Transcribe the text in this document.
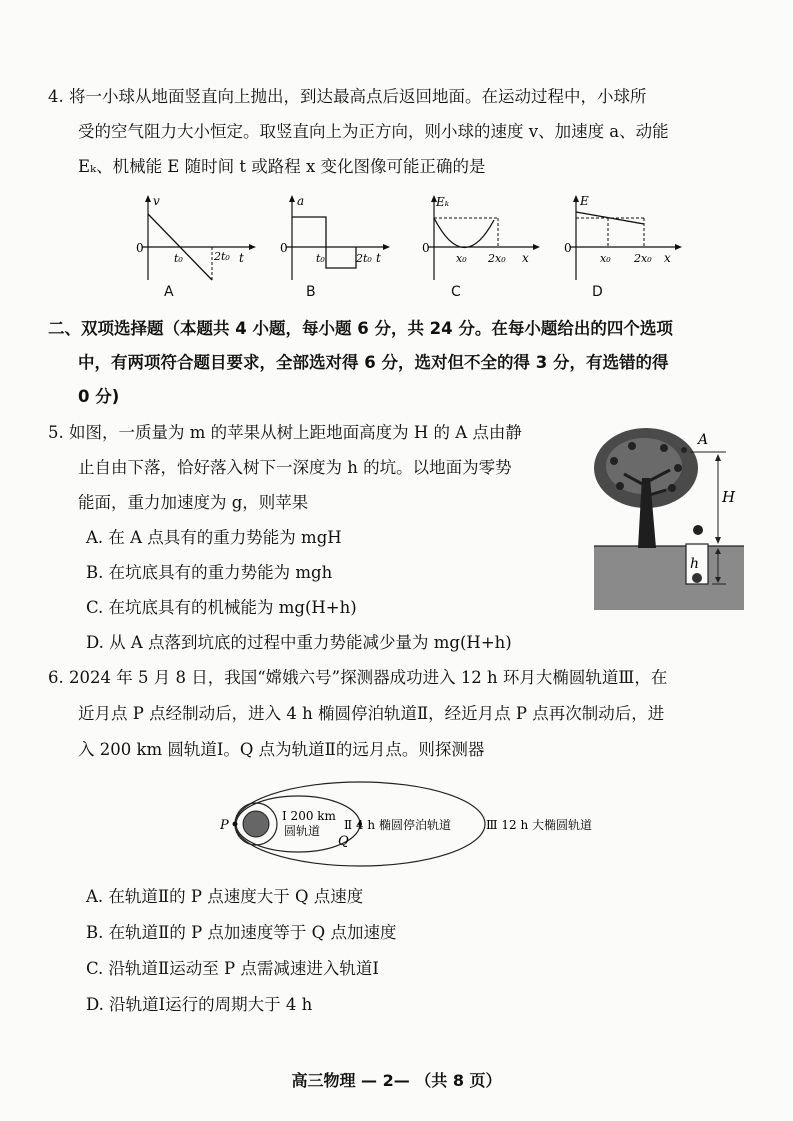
4. 将一小球从地面竖直向上抛出，到达最高点后返回地面。在运动过程中，小球所
受的空气阻力大小恒定。取竖直向上为正方向，则小球的速度 v、加速度 a、动能
Eₖ、机械能 E 随时间 t 或路程 x 变化图像可能正确的是
v
0
t₀	2t₀ t
A
a
0
t₀	2t₀ t
B
Eₖ
0
x₀ 2x₀ x
C
E
0
x₀ 2x₀ x
D
二、双项选择题（本题共 4 小题，每小题 6 分，共 24 分。在每小题给出的四个选项
中，有两项符合题目要求，全部选对得 6 分，选对但不全的得 3 分，有选错的得
0 分)
5. 如图，一质量为 m 的苹果从树上距地面高度为 H 的 A 点由静
止自由下落，恰好落入树下一深度为 h 的坑。以地面为零势
能面，重力加速度为 g，则苹果
A. 在 A 点具有的重力势能为 mgH
B. 在坑底具有的重力势能为 mgh
C. 在坑底具有的机械能为 mg(H+h)
D. 从 A 点落到坑底的过程中重力势能减少量为 mg(H+h)
A
H
h
6. 2024 年 5 月 8 日，我国“嫦娥六号”探测器成功进入 12 h 环月大椭圆轨道Ⅲ，在
近月点 P 点经制动后，进入 4 h 椭圆停泊轨道Ⅱ，经近月点 P 点再次制动后，进
入 200 km 圆轨道Ⅰ。Q 点为轨道Ⅱ的远月点。则探测器
P
Q
Ⅰ 200 km
圆轨道 Ⅱ 4 h 椭圆停泊轨道	Ⅲ 12 h 大椭圆轨道
A. 在轨道Ⅱ的 P 点速度大于 Q 点速度
B. 在轨道Ⅱ的 P 点加速度等于 Q 点加速度
C. 沿轨道Ⅱ运动至 P 点需减速进入轨道Ⅰ
D. 沿轨道Ⅰ运行的周期大于 4 h
高三物理 — 2— （共 8 页）
